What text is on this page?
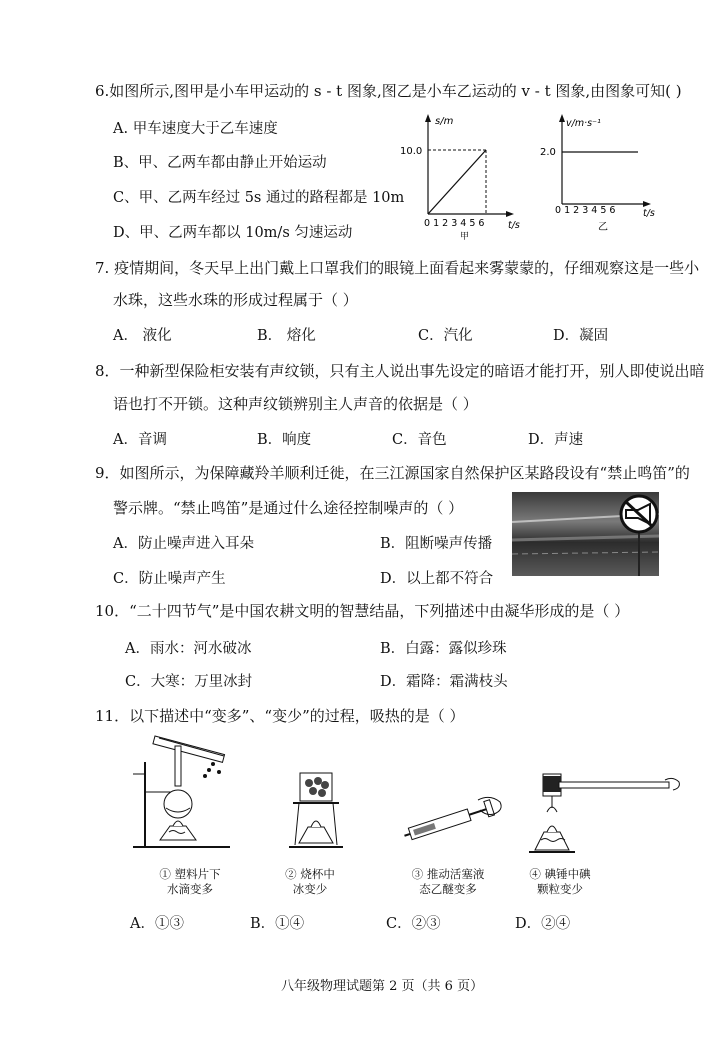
6.如图所示,图甲是小车甲运动的 s - t 图象,图乙是小车乙运动的 v - t 图象,由图象可知( )
A. 甲车速度大于乙车速度
B、甲、乙两车都由静止开始运动
C、甲、乙两车经过 5s 通过的路程都是 10m
D、甲、乙两车都以 10m/s 匀速运动
s/m
10.0
0 1 2 3 4 5 6 t/s
甲
v/m·s⁻¹
2.0
0 1 2 3 4 5 6	t/s
乙
7. 疫情期间，冬天早上出门戴上口罩我们的眼镜上面看起来雾蒙蒙的，仔细观察这是一些小
水珠，这些水珠的形成过程属于（ ）
A． 液化	B． 熔化	C．汽化	D．凝固
8．一种新型保险柜安装有声纹锁，只有主人说出事先设定的暗语才能打开，别人即使说出暗
语也打不开锁。这种声纹锁辨别主人声音的依据是（ ）
A．音调	B．响度	C．音色	D．声速
9．如图所示，为保障藏羚羊顺利迁徙，在三江源国家自然保护区某路段设有“禁止鸣笛”的
警示牌。“禁止鸣笛”是通过什么途径控制噪声的（ ）
A．防止噪声进入耳朵	B．阻断噪声传播
C．防止噪声产生	D．以上都不符合
10．“二十四节气”是中国农耕文明的智慧结晶，下列描述中由凝华形成的是（ ）
A．雨水：河水破冰	B．白露：露似珍珠
C．大寒：万里冰封	D．霜降：霜满枝头
11．以下描述中“变多”、“变少”的过程，吸热的是（ ）
① 塑料片下
水滴变多
② 烧杯中
冰变少
③ 推动活塞液
态乙醚变多
④ 碘锤中碘
颗粒变少
A．①③	B．①④	C．②③	D．②④
八年级物理试题第 2 页（共 6 页）
